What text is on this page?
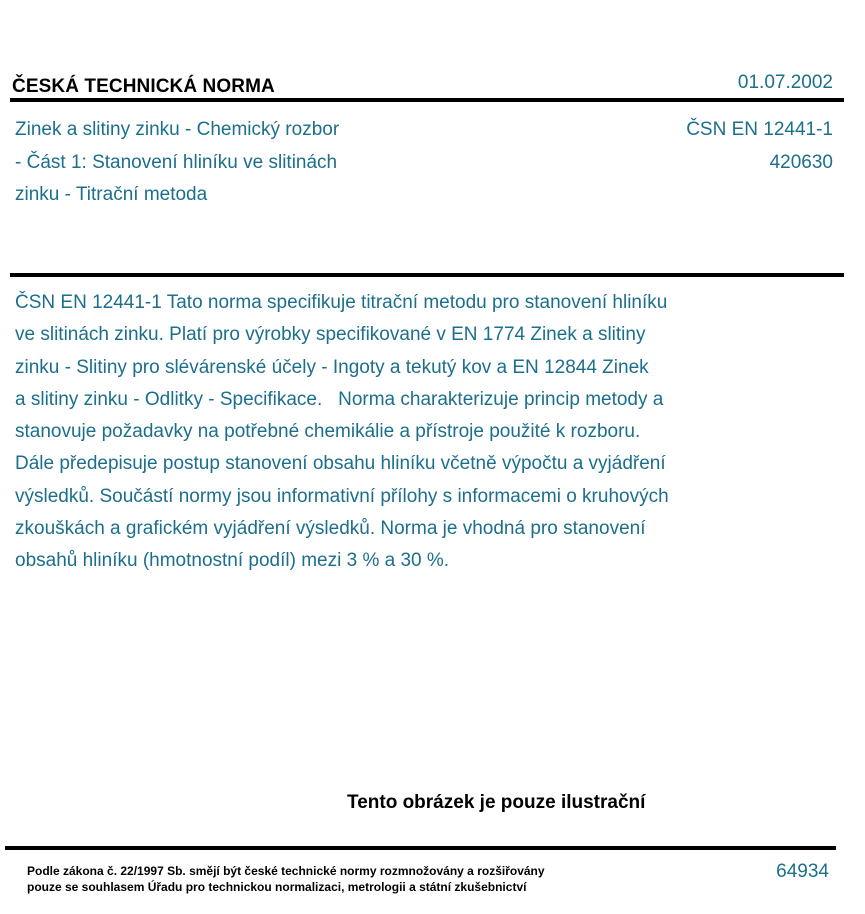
ČESKÁ TECHNICKÁ NORMA	01.07.2002
Zinek a slitiny zinku - Chemický rozbor
- Část 1: Stanovení hliníku ve slitinách
zinku - Titrační metoda
ČSN EN 12441-1
420630
ČSN EN 12441-1 Tato norma specifikuje titrační metodu pro stanovení hliníku
ve slitinách zinku. Platí pro výrobky specifikované v EN 1774 Zinek a slitiny
zinku - Slitiny pro slévárenské účely - Ingoty a tekutý kov a EN 12844 Zinek
a slitiny zinku - Odlitky - Specifikace.   Norma charakterizuje princip metody a
stanovuje požadavky na potřebné chemikálie a přístroje použité k rozboru.
Dále předepisuje postup stanovení obsahu hliníku včetně výpočtu a vyjádření
výsledků. Součástí normy jsou informativní přílohy s informacemi o kruhových
zkouškách a grafickém vyjádření výsledků. Norma je vhodná pro stanovení
obsahů hliníku (hmotnostní podíl) mezi 3 % a 30 %.
Tento obrázek je pouze ilustrační
Podle zákona č. 22/1997 Sb. smějí být české technické normy rozmnožovány a rozšiřovány
pouze se souhlasem Úřadu pro technickou normalizaci, metrologii a státní zkušebnictví
64934
